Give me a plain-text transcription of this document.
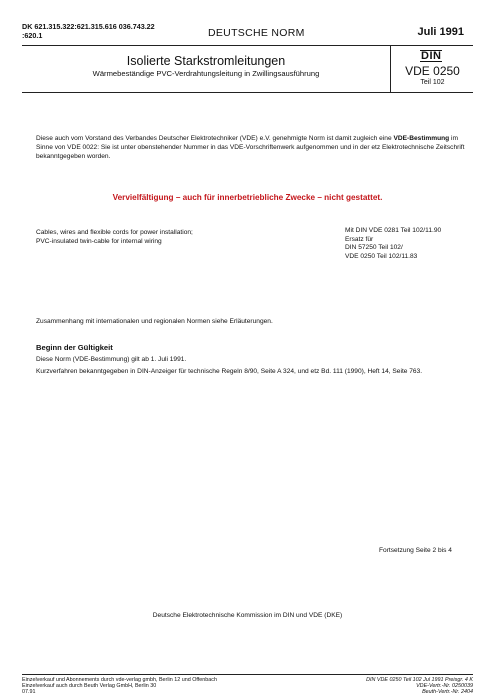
DK 621.315.322:621.315.616 036.743.22
:620.1	DEUTSCHE NORM	Juli 1991
Isolierte Starkstromleitungen
Wärmebeständige PVC-Verdrahtungsleitung in Zwillingsausführung
DIN
VDE 0250
Teil 102
Diese auch vom Vorstand des Verbandes Deutscher Elektrotechniker (VDE) e.V. genehmigte Norm ist damit zugleich eine VDE-Bestimmung im Sinne von VDE 0022: Sie ist unter obenstehender Nummer in das VDE-Vorschriftenwerk aufgenommen und in der etz Elektrotechnische Zeitschrift bekanntgegeben worden.
Vervielfältigung – auch für innerbetriebliche Zwecke – nicht gestattet.
Cables, wires and flexible cords for power installation;
PVC-insulated twin-cable for internal wiring
Mit DIN VDE 0281 Teil 102/11.90
Ersatz für
DIN 57250 Teil 102/
VDE 0250 Teil 102/11.83
Zusammenhang mit internationalen und regionalen Normen siehe Erläuterungen.
Beginn der Gültigkeit
Diese Norm (VDE-Bestimmung) gilt ab 1. Juli 1991.
Kurzverfahren bekanntgegeben in DIN-Anzeiger für technische Regeln 8/90, Seite A 324, und etz Bd. 111 (1990), Heft 14, Seite 763.
Fortsetzung Seite 2 bis 4
Deutsche Elektrotechnische Kommission im DIN und VDE (DKE)
Einzelverkauf und Abonnements durch vde-verlag gmbh, Berlin 12 und Offenbach
Einzelverkauf auch durch Beuth Verlag GmbH, Berlin 30
07.91
DIN VDE 0250 Teil 102 Jul 1991 Preisgr. 4 K
VDE-Vertr.-Nr. 0250039
Beuth-Vertr.-Nr. 2404
